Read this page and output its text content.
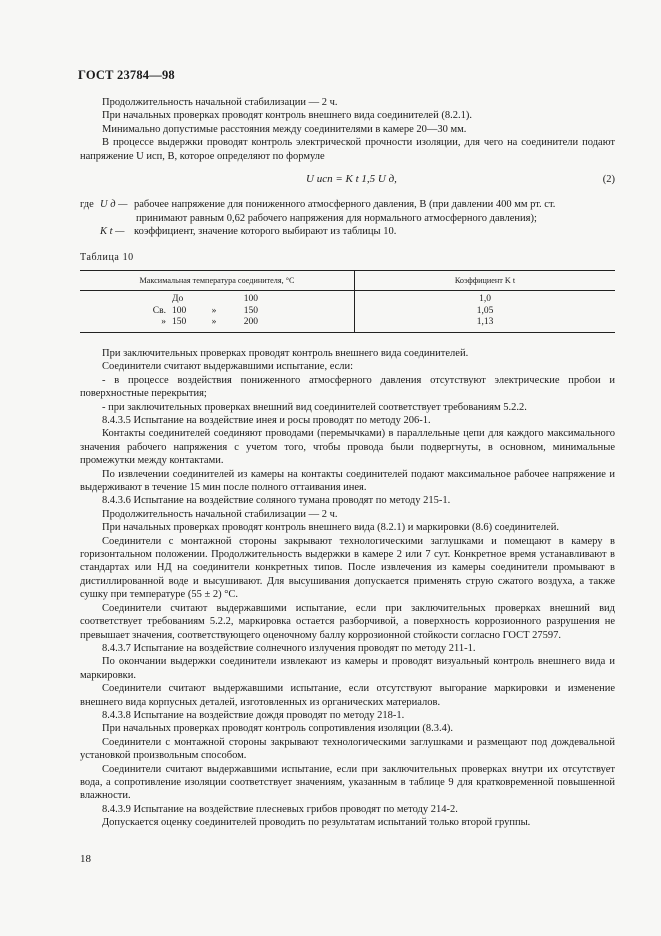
ГОСТ 23784—98

Продолжительность начальной стабилизации — 2 ч.

При начальных проверках проводят контроль внешнего вида соединителей (8.2.1).

Минимально допустимые расстояния между соединителями в камере 20—30 мм.

В процессе выдержки проводят контроль электрической прочности изоляции, для чего на соединители подают напряжение U исп, В, которое определяют по формуле

U исп = K t 1,5 U д,	(2)
где U д — рабочее напряжение для пониженного атмосферного давления, В (при давлении 400 мм рт. ст.
принимают равным 0,62 рабочего напряжения для нормального атмосферного давления);
K t — коэффициент, значение которого выбирают из таблицы 10.
Таблица 10
Максимальная температура соединителя, °С	Коэффициент K t

До 100	1,0

Св. 100 » 150	1,05

» 150 » 200	1,13

При заключительных проверках проводят контроль внешнего вида соединителей.

Соединители считают выдержавшими испытание, если:

- в процессе воздействия пониженного атмосферного давления отсутствуют электрические пробои и поверхностные перекрытия;

- при заключительных проверках внешний вид соединителей соответствует требованиям 5.2.2.

8.4.3.5 Испытание на воздействие инея и росы проводят по методу 206-1.

Контакты соединителей соединяют проводами (перемычками) в параллельные цепи для каждого максимального значения рабочего напряжения с учетом того, чтобы провода были подвергнуты, в основном, минимальные промежутки между контактами.

По извлечении соединителей из камеры на контакты соединителей подают максимальное рабочее напряжение и выдерживают в течение 15 мин после полного оттаивания инея.

8.4.3.6 Испытание на воздействие соляного тумана проводят по методу 215-1.

Продолжительность начальной стабилизации — 2 ч.

При начальных проверках проводят контроль внешнего вида (8.2.1) и маркировки (8.6) соединителей.

Соединители с монтажной стороны закрывают технологическими заглушками и помещают в камеру в горизонтальном положении. Продолжительность выдержки в камере 2 или 7 сут. Конкретное время устанавливают в стандартах или НД на соединители конкретных типов. После извлечения из камеры соединители промывают в дистиллированной воде и высушивают. Для высушивания допускается применять струю сжатого воздуха, а также сушку при температуре (55 ± 2) °С.

Соединители считают выдержавшими испытание, если при заключительных проверках внешний вид соответствует требованиям 5.2.2, маркировка остается разборчивой, а поверхность коррозионного разрушения не превышает значения, соответствующего оценочному баллу коррозионной стойкости согласно ГОСТ 27597.

8.4.3.7 Испытание на воздействие солнечного излучения проводят по методу 211-1.

По окончании выдержки соединители извлекают из камеры и проводят визуальный контроль внешнего вида и маркировки.

Соединители считают выдержавшими испытание, если отсутствуют выгорание маркировки и изменение внешнего вида корпусных деталей, изготовленных из органических материалов.

8.4.3.8 Испытание на воздействие дождя проводят по методу 218-1.

При начальных проверках проводят контроль сопротивления изоляции (8.3.4).

Соединители с монтажной стороны закрывают технологическими заглушками и размещают под дождевальной установкой произвольным способом.

Соединители считают выдержавшими испытание, если при заключительных проверках внутри их отсутствует вода, а сопротивление изоляции соответствует значениям, указанным в таблице 9 для кратковременной повышенной влажности.

8.4.3.9 Испытание на воздействие плесневых грибов проводят по методу 214-2.

Допускается оценку соединителей проводить по результатам испытаний только второй группы.

18
